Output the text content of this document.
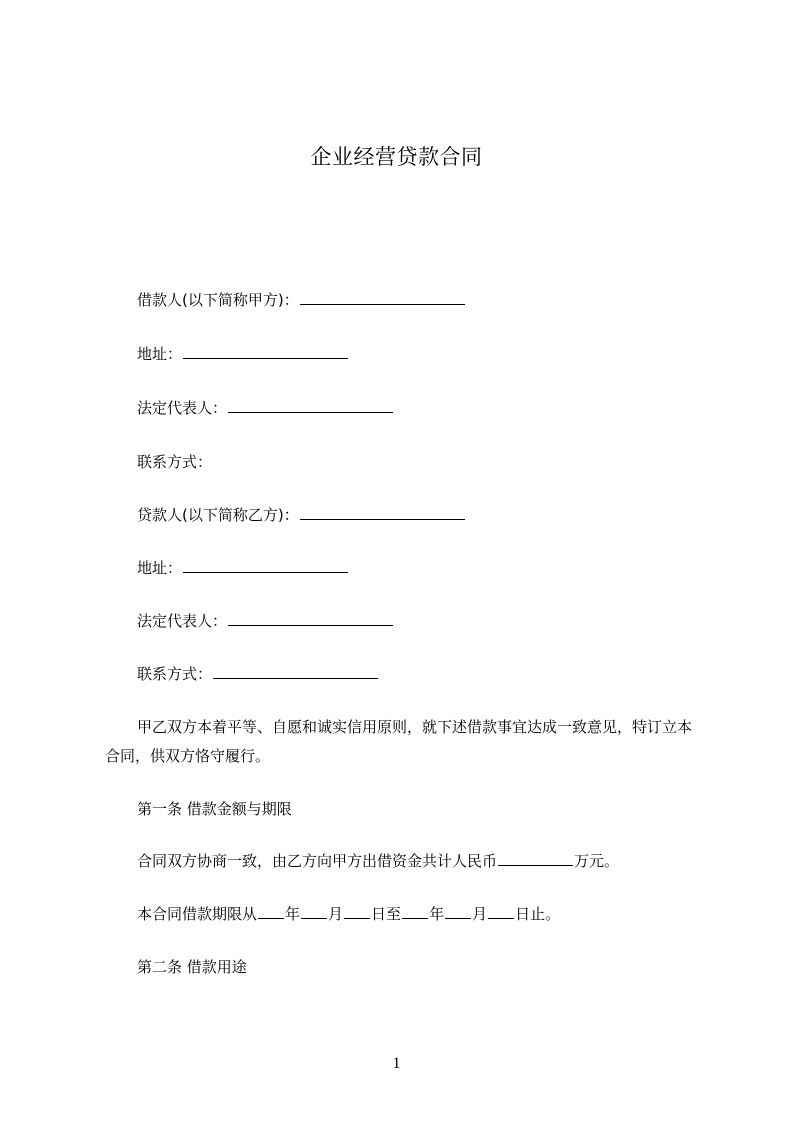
企业经营贷款合同
借款人(以下简称甲方)：
地址：
法定代表人：
联系方式：
贷款人(以下简称乙方)：
地址：
法定代表人：
联系方式：
甲乙双方本着平等、自愿和诚实信用原则，就下述借款事宜达成一致意见，特订立本合同，供双方恪守履行。
第一条 借款金额与期限
合同双方协商一致，由乙方向甲方出借资金共计人民币	万元。
本合同借款期限从 年 月 日至 年 月 日止。
第二条 借款用途
1
